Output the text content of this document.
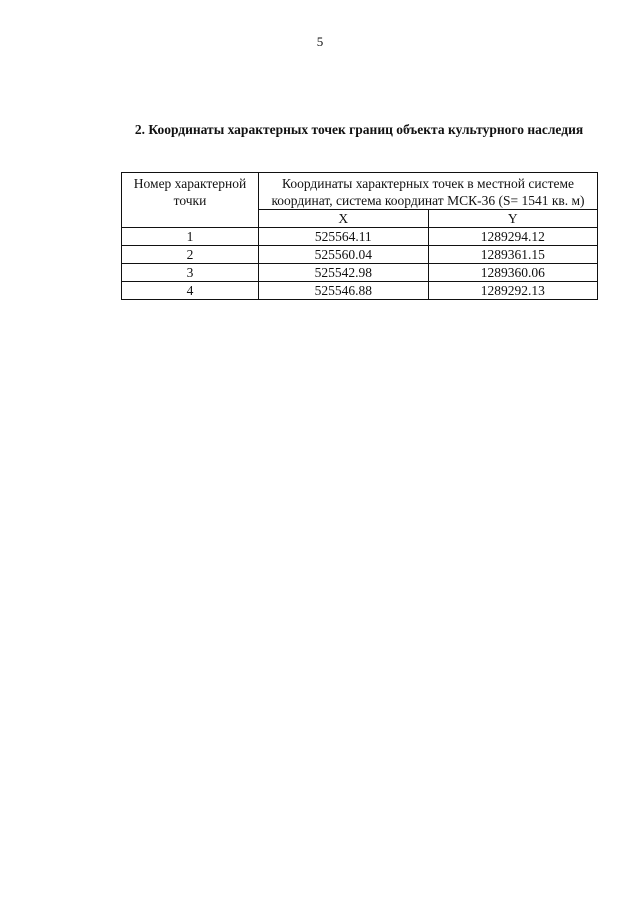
5
2. Координаты характерных точек границ объекта культурного наследия
Номер характерной точки	Координаты характерных точек в местной системе координат, система координат МСК-36 (S= 1541 кв. м)	
	X	Y
1	525564.11	1289294.12
2	525560.04	1289361.15
3	525542.98	1289360.06
4	525546.88	1289292.13
